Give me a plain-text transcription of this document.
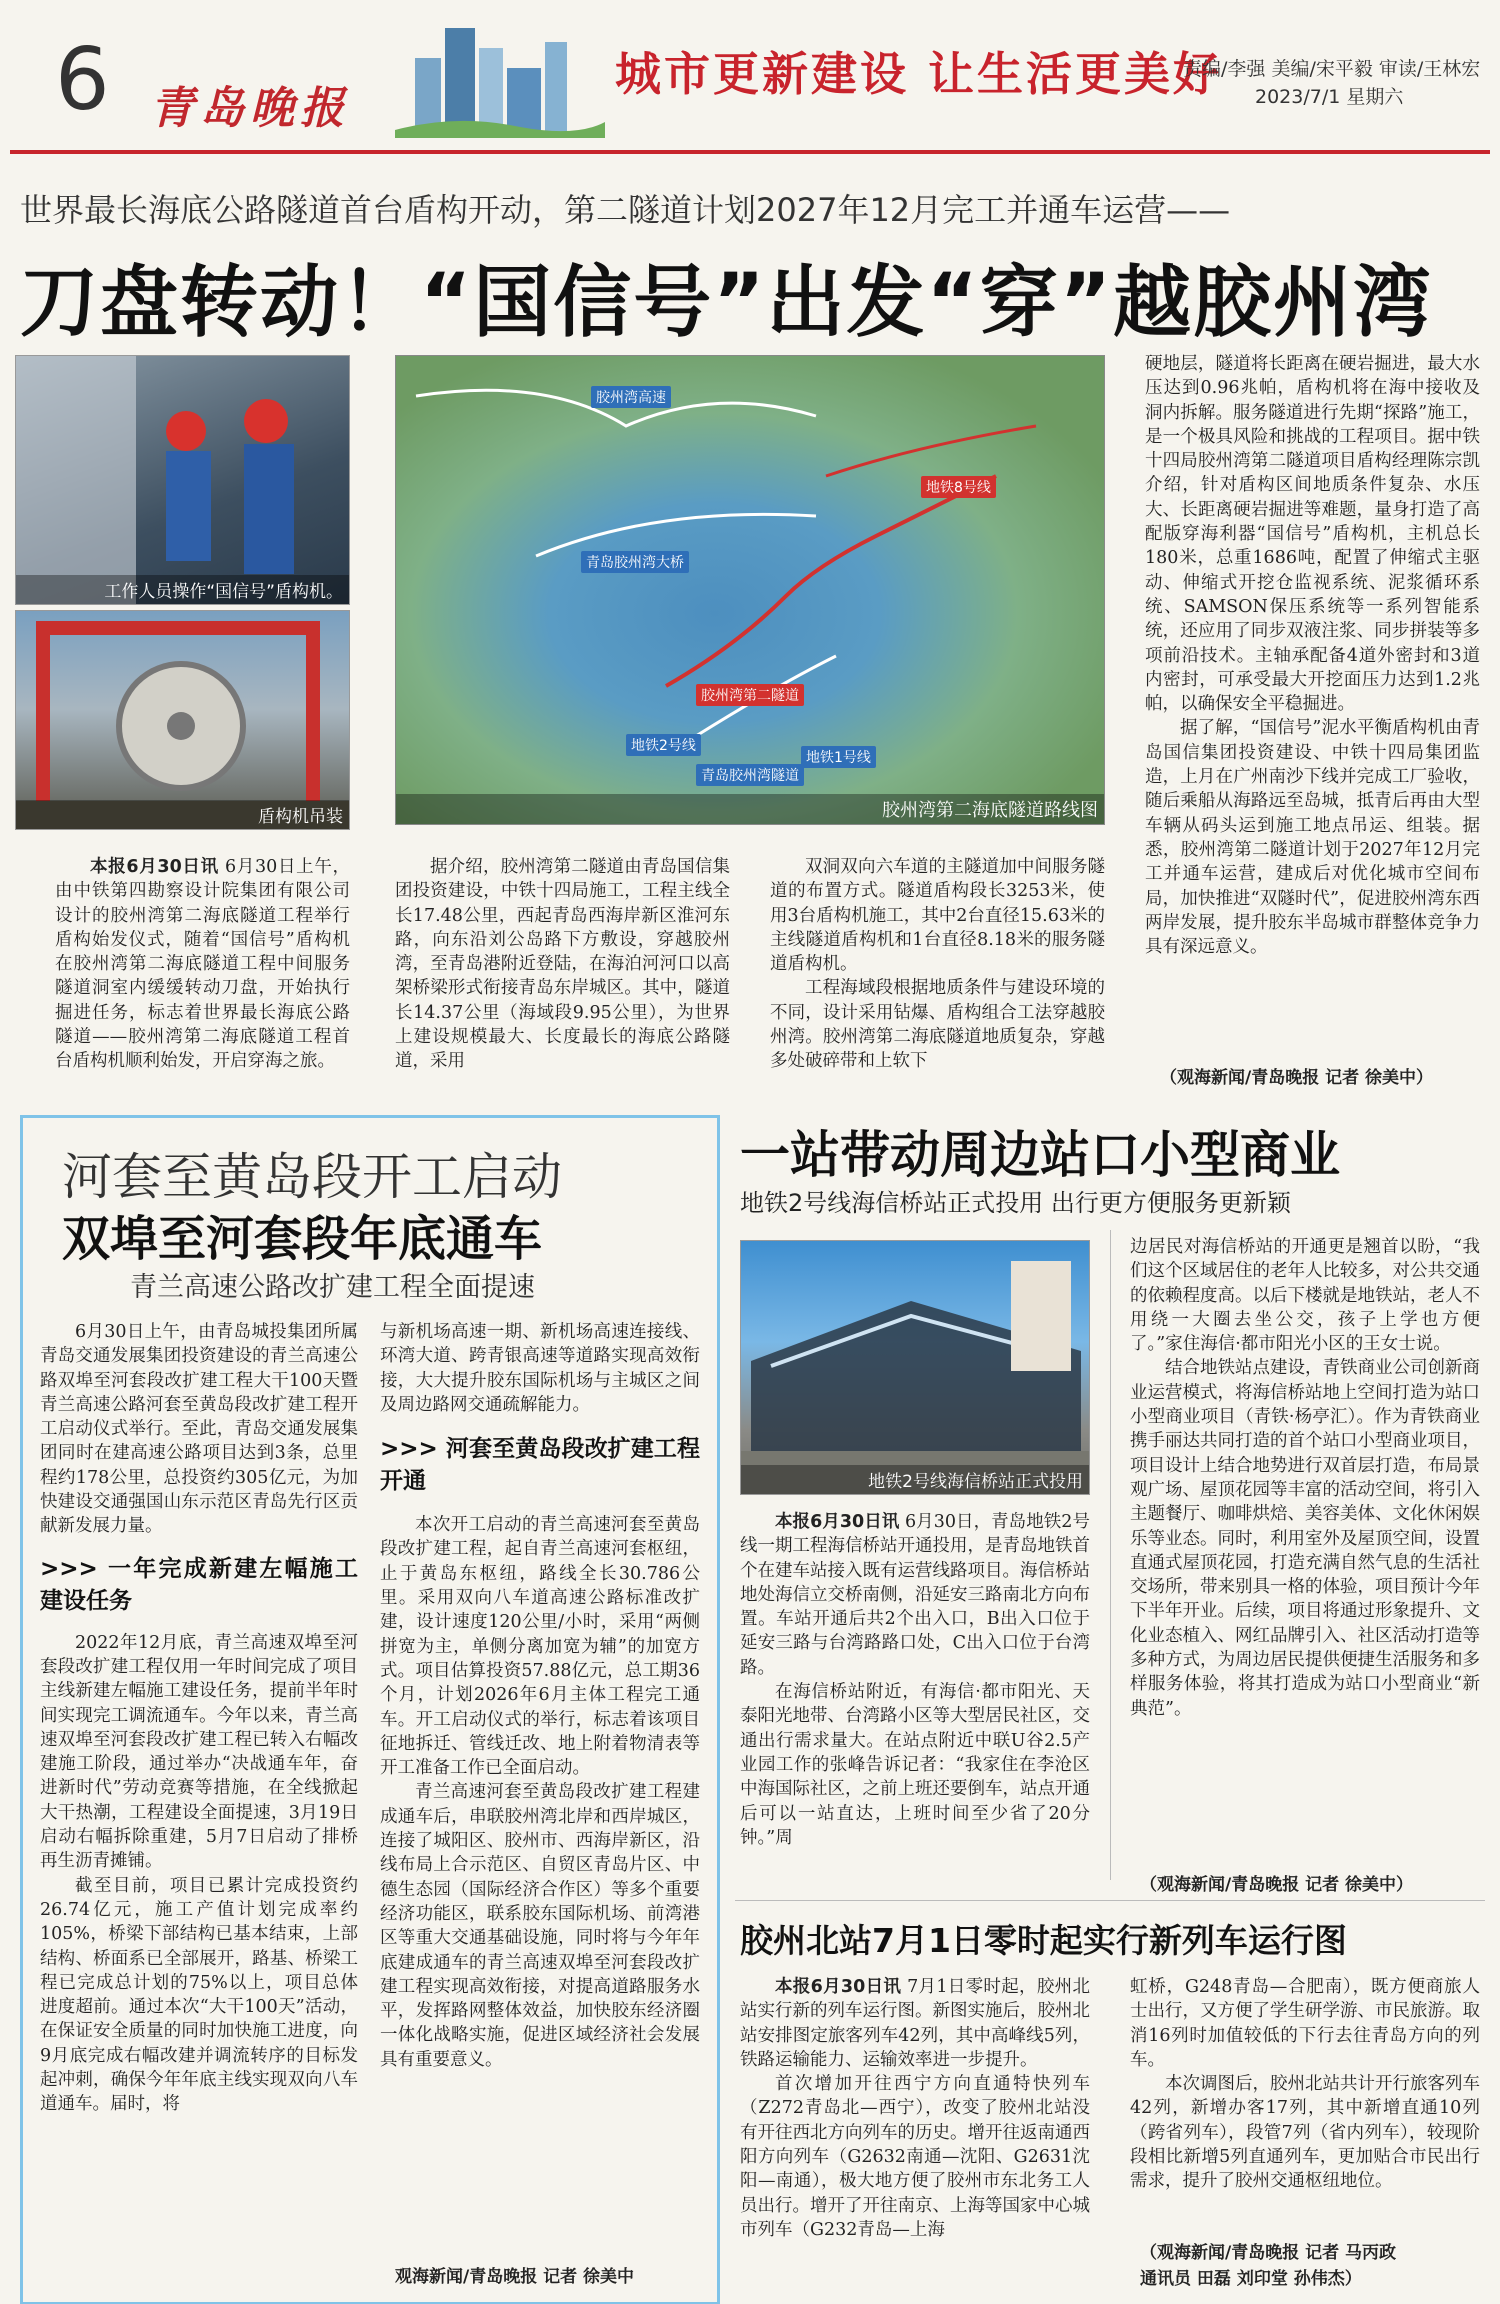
6 青岛晚报
城市更新建设 让生活更美好
责编/李强 美编/宋平毅 审读/王林宏
2023/7/1 星期六
世界最长海底公路隧道首台盾构开动，第二隧道计划2027年12月完工并通车运营——
刀盘转动！“国信号”出发“穿”越胶州湾
工作人员操作“国信号”盾构机。
盾构机吊装
胶州湾高速
青岛胶州湾大桥
地铁8号线
胶州湾第二隧道
地铁2号线
地铁1号线
青岛胶州湾隧道
胶州湾第二海底隧道路线图

本报6月30日讯 6月30日上午，由中铁第四勘察设计院集团有限公司设计的胶州湾第二海底隧道工程举行盾构始发仪式，随着“国信号”盾构机在胶州湾第二海底隧道工程中间服务隧道洞室内缓缓转动刀盘，开始执行掘进任务，标志着世界最长海底公路隧道——胶州湾第二海底隧道工程首台盾构机顺利始发，开启穿海之旅。

据介绍，胶州湾第二隧道由青岛国信集团投资建设，中铁十四局施工，工程主线全长17.48公里，西起青岛西海岸新区淮河东路，向东沿刘公岛路下方敷设，穿越胶州湾，至青岛港附近登陆，在海泊河河口以高架桥梁形式衔接青岛东岸城区。其中，隧道长14.37公里（海域段9.95公里），为世界上建设规模最大、长度最长的海底公路隧道，采用

双洞双向六车道的主隧道加中间服务隧道的布置方式。隧道盾构段长3253米，使用3台盾构机施工，其中2台直径15.63米的主线隧道盾构机和1台直径8.18米的服务隧道盾构机。

工程海域段根据地质条件与建设环境的不同，设计采用钻爆、盾构组合工法穿越胶州湾。胶州湾第二海底隧道地质复杂，穿越多处破碎带和上软下

硬地层，隧道将长距离在硬岩掘进，最大水压达到0.96兆帕，盾构机将在海中接收及洞内拆解。服务隧道进行先期“探路”施工，是一个极具风险和挑战的工程项目。据中铁十四局胶州湾第二隧道项目盾构经理陈宗凯介绍，针对盾构区间地质条件复杂、水压大、长距离硬岩掘进等难题，量身打造了高配版穿海利器“国信号”盾构机，主机总长180米，总重1686吨，配置了伸缩式主驱动、伸缩式开挖仓监视系统、泥浆循环系统、SAMSON保压系统等一系列智能系统，还应用了同步双液注浆、同步拼装等多项前沿技术。主轴承配备4道外密封和3道内密封，可承受最大开挖面压力达到1.2兆帕，以确保安全平稳掘进。

据了解，“国信号”泥水平衡盾构机由青岛国信集团投资建设、中铁十四局集团监造，上月在广州南沙下线并完成工厂验收，随后乘船从海路远至岛城，抵青后再由大型车辆从码头运到施工地点吊运、组装。据悉，胶州湾第二隧道计划于2027年12月完工并通车运营，建成后对优化城市空间布局，加快推进“双隧时代”，促进胶州湾东西两岸发展，提升胶东半岛城市群整体竞争力具有深远意义。

（观海新闻/青岛晚报 记者 徐美中）
河套至黄岛段开工启动
双埠至河套段年底通车
青兰高速公路改扩建工程全面提速

6月30日上午，由青岛城投集团所属青岛交通发展集团投资建设的青兰高速公路双埠至河套段改扩建工程大干100天暨青兰高速公路河套至黄岛段改扩建工程开工启动仪式举行。至此，青岛交通发展集团同时在建高速公路项目达到3条，总里程约178公里，总投资约305亿元，为加快建设交通强国山东示范区青岛先行区贡献新发展力量。

>>> 一年完成新建左幅施工建设任务

2022年12月底，青兰高速双埠至河套段改扩建工程仅用一年时间完成了项目主线新建左幅施工建设任务，提前半年时间实现完工调流通车。今年以来，青兰高速双埠至河套段改扩建工程已转入右幅改建施工阶段，通过举办“决战通车年，奋进新时代”劳动竞赛等措施，在全线掀起大干热潮，工程建设全面提速，3月19日启动右幅拆除重建，5月7日启动了排桥再生沥青摊铺。

截至目前，项目已累计完成投资约26.74亿元，施工产值计划完成率约105%，桥梁下部结构已基本结束，上部结构、桥面系已全部展开，路基、桥梁工程已完成总计划的75%以上，项目总体进度超前。通过本次“大干100天”活动，在保证安全质量的同时加快施工进度，向9月底完成右幅改建并调流转序的目标发起冲刺，确保今年年底主线实现双向八车道通车。届时，将

与新机场高速一期、新机场高速连接线、环湾大道、跨青银高速等道路实现高效衔接，大大提升胶东国际机场与主城区之间及周边路网交通疏解能力。

>>> 河套至黄岛段改扩建工程开通

本次开工启动的青兰高速河套至黄岛段改扩建工程，起自青兰高速河套枢纽，止于黄岛东枢纽，路线全长30.786公里。采用双向八车道高速公路标准改扩建，设计速度120公里/小时，采用“两侧拼宽为主，单侧分离加宽为辅”的加宽方式。项目估算投资57.88亿元，总工期36个月，计划2026年6月主体工程完工通车。开工启动仪式的举行，标志着该项目征地拆迁、管线迁改、地上附着物清表等开工准备工作已全面启动。

青兰高速河套至黄岛段改扩建工程建成通车后，串联胶州湾北岸和西岸城区，连接了城阳区、胶州市、西海岸新区，沿线布局上合示范区、自贸区青岛片区、中德生态园（国际经济合作区）等多个重要经济功能区，联系胶东国际机场、前湾港区等重大交通基础设施，同时将与今年年底建成通车的青兰高速双埠至河套段改扩建工程实现高效衔接，对提高道路服务水平，发挥路网整体效益，加快胶东经济圈一体化战略实施，促进区域经济社会发展具有重要意义。

观海新闻/青岛晚报 记者 徐美中
一站带动周边站口小型商业
地铁2号线海信桥站正式投用 出行更方便服务更新颖
地铁2号线海信桥站正式投用

本报6月30日讯 6月30日，青岛地铁2号线一期工程海信桥站开通投用，是青岛地铁首个在建车站接入既有运营线路项目。海信桥站地处海信立交桥南侧，沿延安三路南北方向布置。车站开通后共2个出入口，B出入口位于延安三路与台湾路路口处，C出入口位于台湾路。

在海信桥站附近，有海信·都市阳光、天泰阳光地带、台湾路小区等大型居民社区，交通出行需求量大。在站点附近中联U谷2.5产业园工作的张峰告诉记者：“我家住在李沧区中海国际社区，之前上班还要倒车，站点开通后可以一站直达，上班时间至少省了20分钟。”周

边居民对海信桥站的开通更是翘首以盼，“我们这个区域居住的老年人比较多，对公共交通的依赖程度高。以后下楼就是地铁站，老人不用绕一大圈去坐公交，孩子上学也方便了。”家住海信·都市阳光小区的王女士说。

结合地铁站点建设，青铁商业公司创新商业运营模式，将海信桥站地上空间打造为站口小型商业项目（青铁·杨亭汇）。作为青铁商业携手丽达共同打造的首个站口小型商业项目，项目设计上结合地势进行双首层打造，布局景观广场、屋顶花园等丰富的活动空间，将引入主题餐厅、咖啡烘焙、美容美体、文化休闲娱乐等业态。同时，利用室外及屋顶空间，设置直通式屋顶花园，打造充满自然气息的生活社交场所，带来别具一格的体验，项目预计今年下半年开业。后续，项目将通过形象提升、文化业态植入、网红品牌引入、社区活动打造等多种方式，为周边居民提供便捷生活服务和多样服务体验，将其打造成为站口小型商业“新典范”。

（观海新闻/青岛晚报 记者 徐美中）
胶州北站7月1日零时起实行新列车运行图

本报6月30日讯 7月1日零时起，胶州北站实行新的列车运行图。新图实施后，胶州北站安排图定旅客列车42列，其中高峰线5列，铁路运输能力、运输效率进一步提升。

首次增加开往西宁方向直通特快列车（Z272青岛北—西宁），改变了胶州北站没有开往西北方向列车的历史。增开往返南通西阳方向列车（G2632南通—沈阳、G2631沈阳—南通），极大地方便了胶州市东北务工人员出行。增开了开往南京、上海等国家中心城市列车（G232青岛—上海

虹桥，G248青岛—合肥南），既方便商旅人士出行，又方便了学生研学游、市民旅游。取消16列时加值较低的下行去往青岛方向的列车。

本次调图后，胶州北站共计开行旅客列车42列，新增办客17列，其中新增直通10列（跨省列车），段管7列（省内列车），较现阶段相比新增5列直通列车，更加贴合市民出行需求，提升了胶州交通枢纽地位。

（观海新闻/青岛晚报 记者 马丙政
通讯员 田磊 刘印堂 孙伟杰）
